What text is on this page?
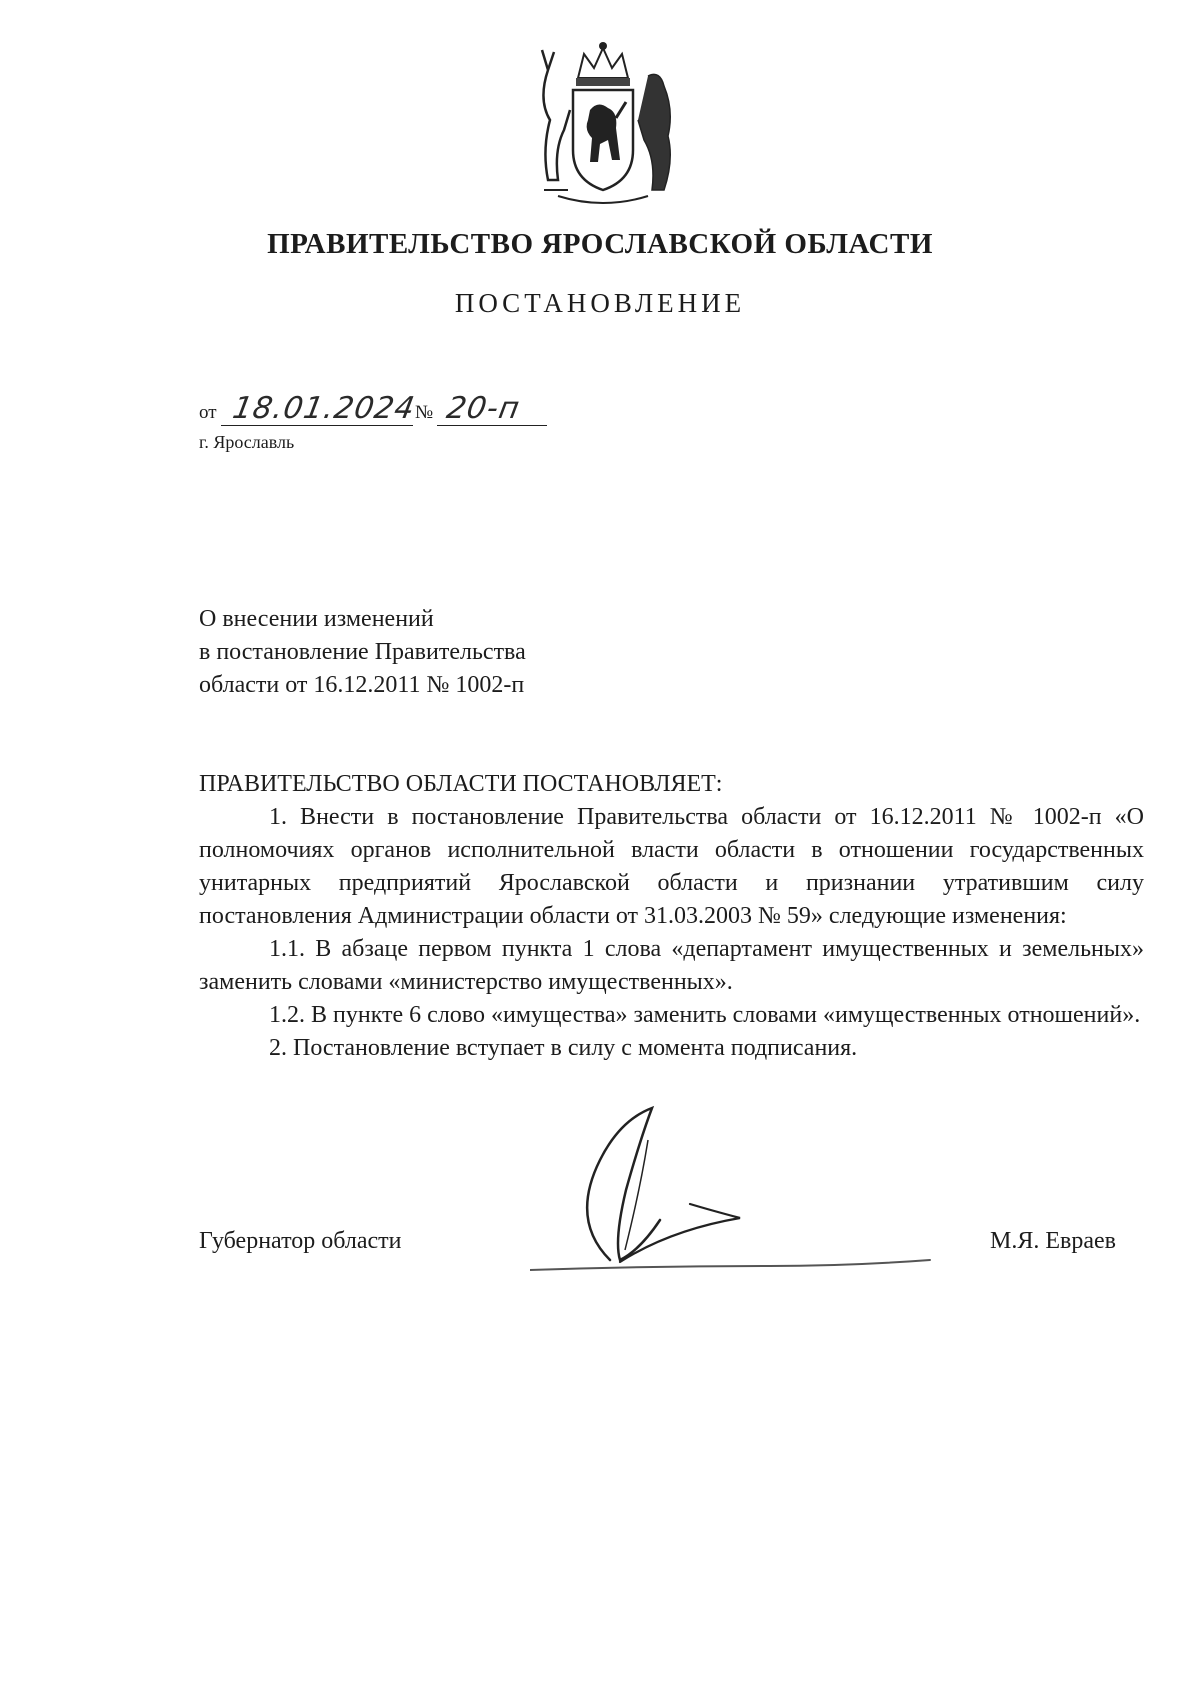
ПРАВИТЕЛЬСТВО ЯРОСЛАВСКОЙ ОБЛАСТИ
ПОСТАНОВЛЕНИЕ
от 18.01.2024
№ 20-п
г. Ярославль
О внесении изменений
в постановление Правительства
области от 16.12.2011 № 1002-п
ПРАВИТЕЛЬСТВО ОБЛАСТИ ПОСТАНОВЛЯЕТ:

1. Внести в постановление Правительства области от 16.12.2011 № 1002-п «О полномочиях органов исполнительной власти области в отношении государственных унитарных предприятий Ярославской области и признании утратившим силу постановления Администрации области от 31.03.2003 № 59» следующие изменения:

1.1. В абзаце первом пункта 1 слова «департамент имущественных и земельных» заменить словами «министерство имущественных».

1.2. В пункте 6 слово «имущества» заменить словами «имущественных отношений».

2. Постановление вступает в силу с момента подписания.

Губернатор области	М.Я. Евраев
